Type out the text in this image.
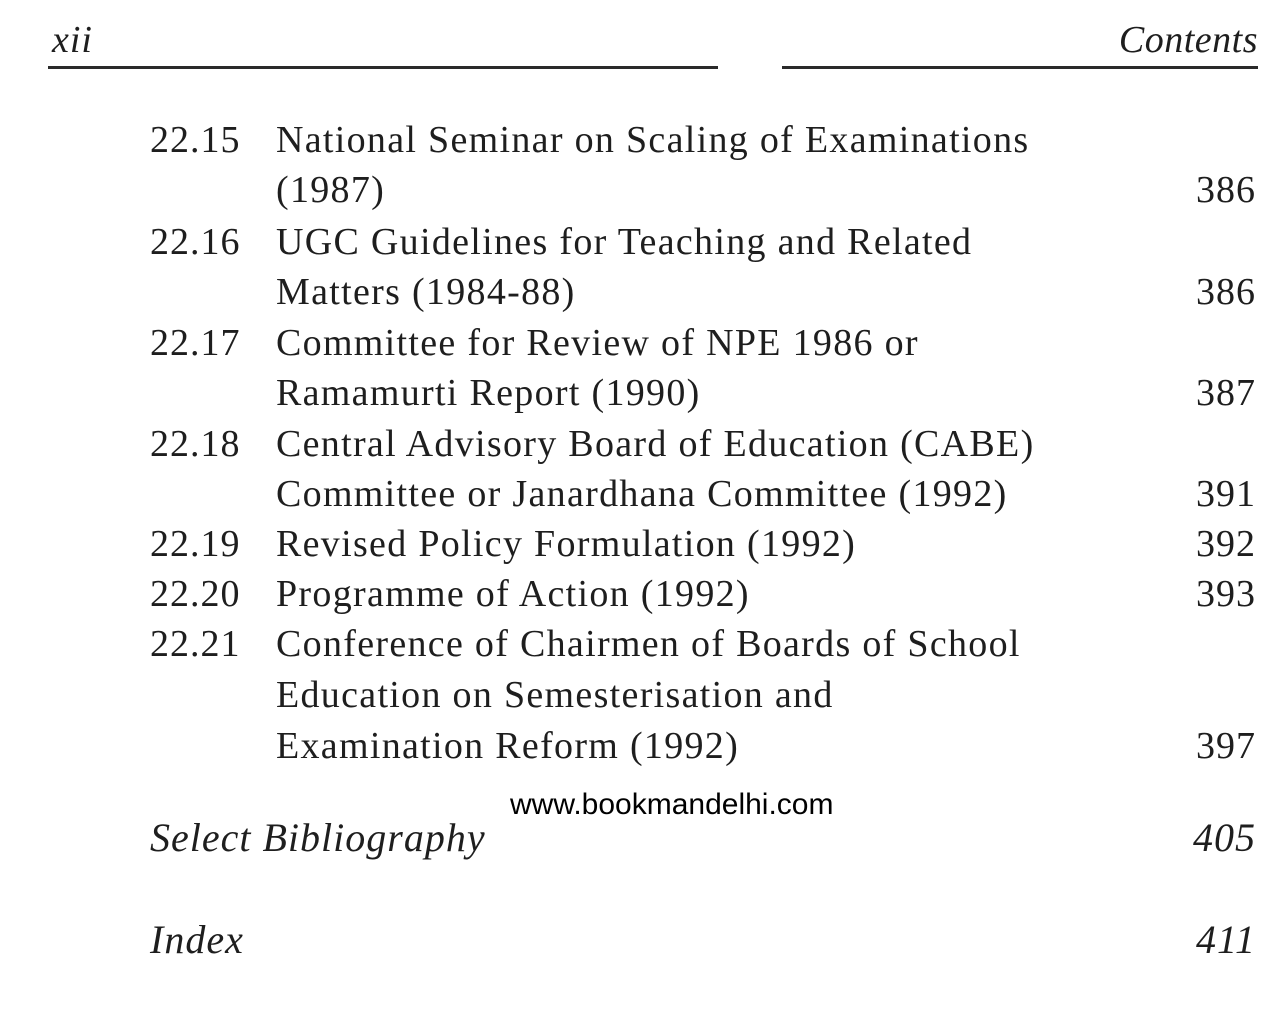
xii	Contents
22.15 National Seminar on Scaling of Examinations
(1987)	386
22.16 UGC Guidelines for Teaching and Related
Matters (1984-88)	386
22.17 Committee for Review of NPE 1986 or
Ramamurti Report (1990)	387
22.18 Central Advisory Board of Education (CABE)
Committee or Janardhana Committee (1992)	391
22.19 Revised Policy Formulation (1992)	392
22.20 Programme of Action (1992)	393
22.21 Conference of Chairmen of Boards of School
Education on Semesterisation and
Examination Reform (1992)	397
www.bookmandelhi.com
Select Bibliography	405
Index	411
